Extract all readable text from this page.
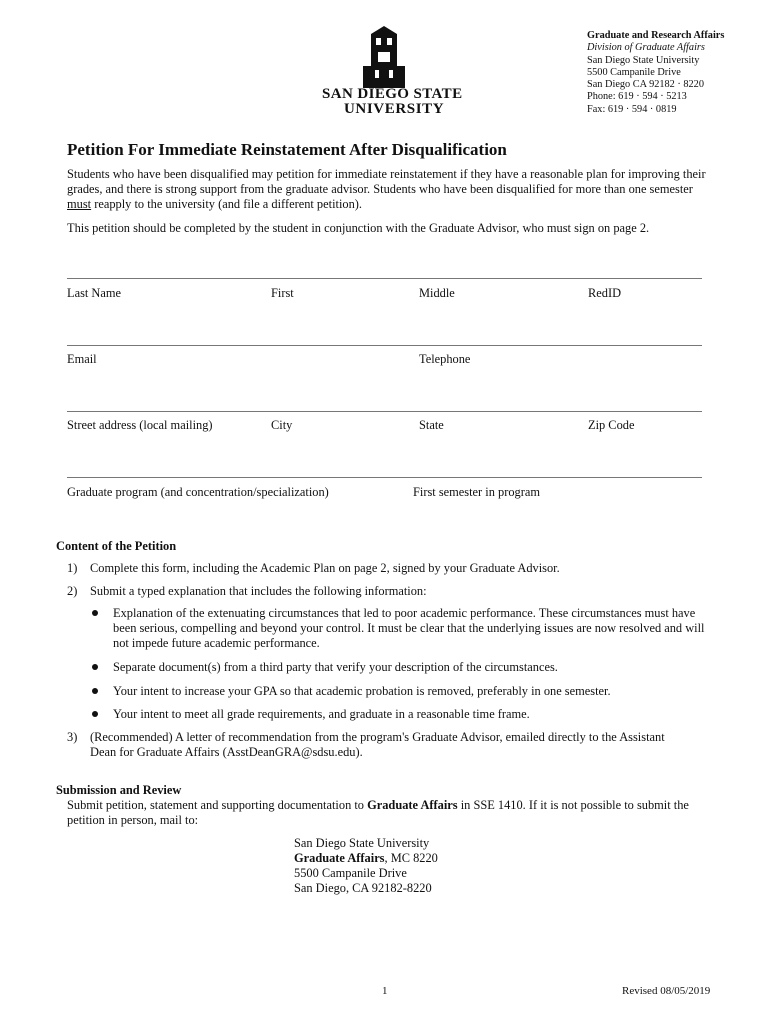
SAN DIEGO STATE
UNIVERSITY
Graduate and Research Affairs
Division of Graduate Affairs
San Diego State University
5500 Campanile Drive
San Diego CA 92182 · 8220
Phone: 619 · 594 · 5213
Fax: 619 · 594 · 0819
Petition For Immediate Reinstatement After Disqualification
Students who have been disqualified may petition for immediate reinstatement if they have a reasonable plan for improving their grades, and there is strong support from the graduate advisor. Students who have been disqualified for more than one semester must reapply to the university (and file a different petition).
This petition should be completed by the student in conjunction with the Graduate Advisor, who must sign on page 2.
Last Name	First	Middle	RedID
Email	Telephone
Street address (local mailing)	City	State	Zip Code
Graduate program (and concentration/specialization)	First semester in program
Content of the Petition
1)	Complete this form, including the Academic Plan on page 2, signed by your Graduate Advisor.
2)	Submit a typed explanation that includes the following information:
Explanation of the extenuating circumstances that led to poor academic performance. These circumstances must have been serious, compelling and beyond your control. It must be clear that the underlying issues are now resolved and will not impede future academic performance.
Separate document(s) from a third party that verify your description of the circumstances.
Your intent to increase your GPA so that academic probation is removed, preferably in one semester.
Your intent to meet all grade requirements, and graduate in a reasonable time frame.
3)	(Recommended) A letter of recommendation from the program's Graduate Advisor, emailed directly to the Assistant Dean for Graduate Affairs (AsstDeanGRA@sdsu.edu).
Submission and Review
Submit petition, statement and supporting documentation to Graduate Affairs in SSE 1410. If it is not possible to submit the petition in person, mail to:
San Diego State University
Graduate Affairs, MC 8220
5500 Campanile Drive
San Diego, CA 92182-8220
1	Revised 08/05/2019
